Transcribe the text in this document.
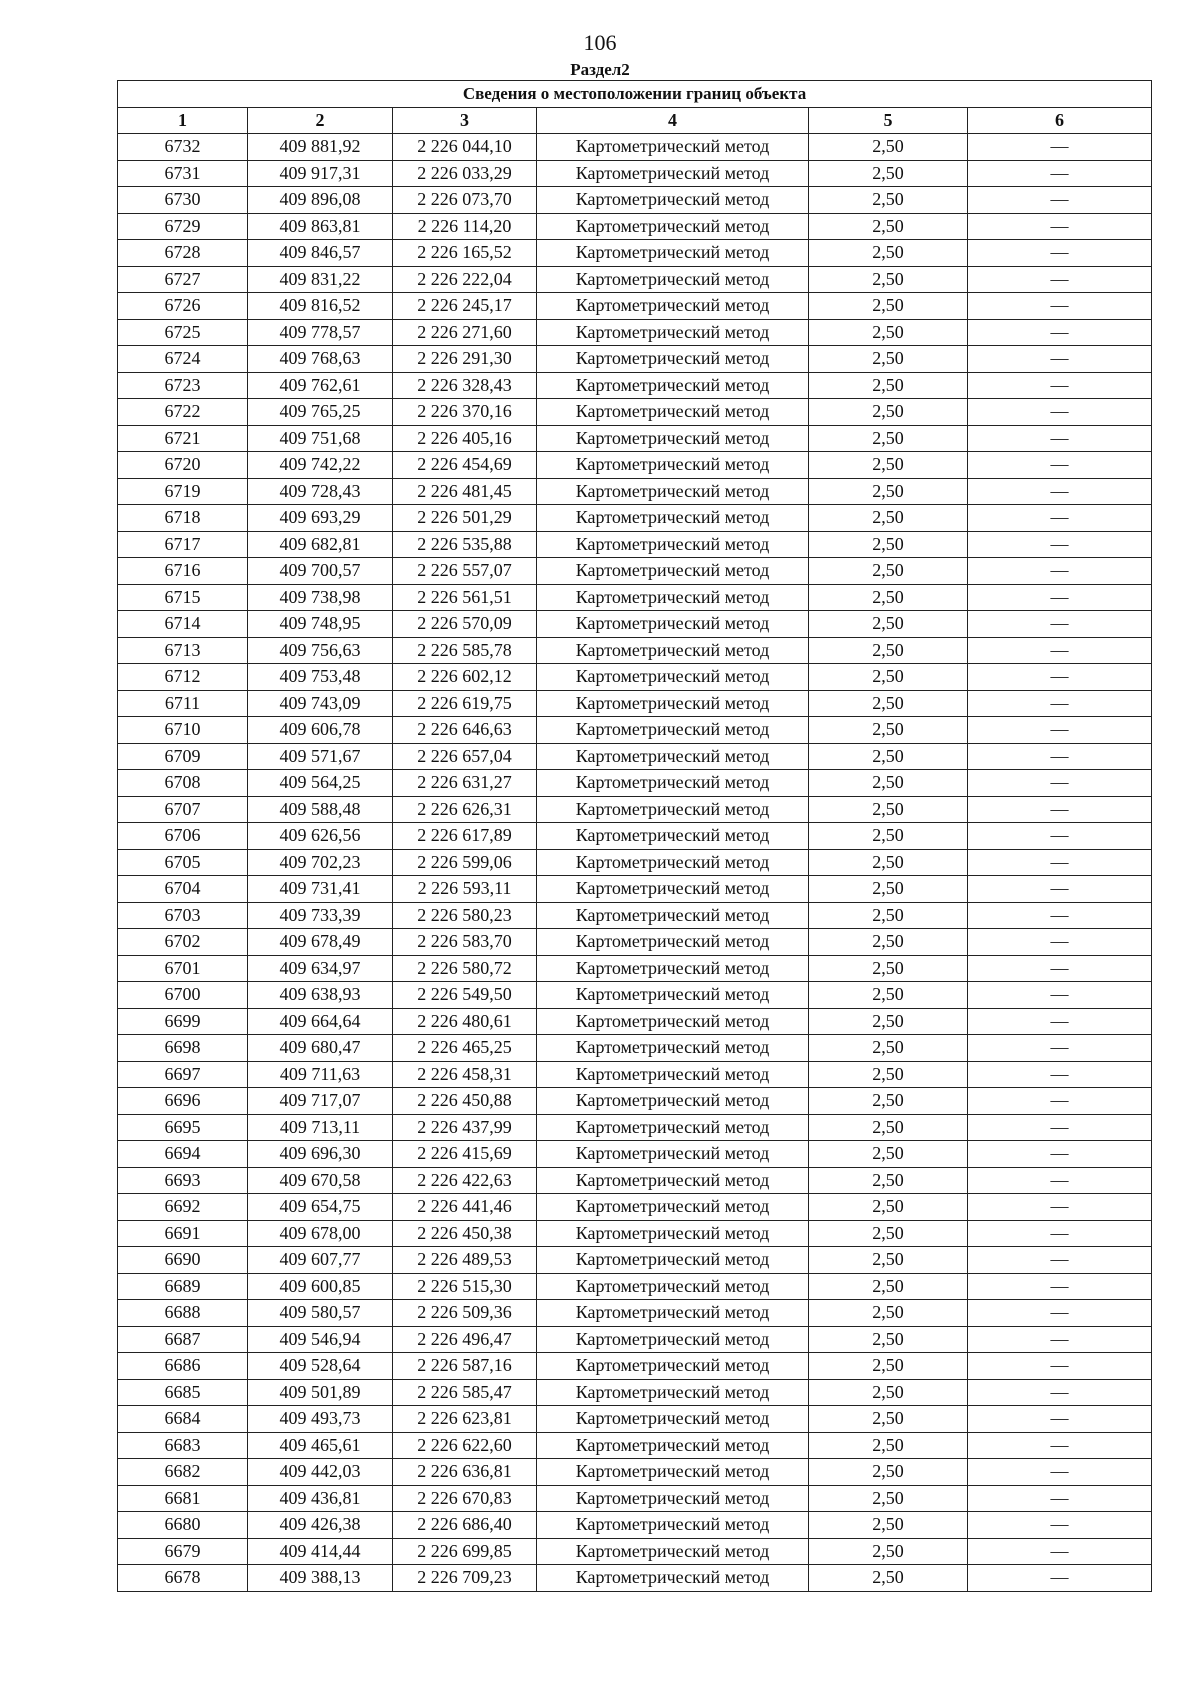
106
Раздел2
Сведения о местоположении границ объекта					
1	2	3	4	5	6
6732	409 881,92	2 226 044,10	Картометрический метод	2,50	—
6731	409 917,31	2 226 033,29	Картометрический метод	2,50	—
6730	409 896,08	2 226 073,70	Картометрический метод	2,50	—
6729	409 863,81	2 226 114,20	Картометрический метод	2,50	—
6728	409 846,57	2 226 165,52	Картометрический метод	2,50	—
6727	409 831,22	2 226 222,04	Картометрический метод	2,50	—
6726	409 816,52	2 226 245,17	Картометрический метод	2,50	—
6725	409 778,57	2 226 271,60	Картометрический метод	2,50	—
6724	409 768,63	2 226 291,30	Картометрический метод	2,50	—
6723	409 762,61	2 226 328,43	Картометрический метод	2,50	—
6722	409 765,25	2 226 370,16	Картометрический метод	2,50	—
6721	409 751,68	2 226 405,16	Картометрический метод	2,50	—
6720	409 742,22	2 226 454,69	Картометрический метод	2,50	—
6719	409 728,43	2 226 481,45	Картометрический метод	2,50	—
6718	409 693,29	2 226 501,29	Картометрический метод	2,50	—
6717	409 682,81	2 226 535,88	Картометрический метод	2,50	—
6716	409 700,57	2 226 557,07	Картометрический метод	2,50	—
6715	409 738,98	2 226 561,51	Картометрический метод	2,50	—
6714	409 748,95	2 226 570,09	Картометрический метод	2,50	—
6713	409 756,63	2 226 585,78	Картометрический метод	2,50	—
6712	409 753,48	2 226 602,12	Картометрический метод	2,50	—
6711	409 743,09	2 226 619,75	Картометрический метод	2,50	—
6710	409 606,78	2 226 646,63	Картометрический метод	2,50	—
6709	409 571,67	2 226 657,04	Картометрический метод	2,50	—
6708	409 564,25	2 226 631,27	Картометрический метод	2,50	—
6707	409 588,48	2 226 626,31	Картометрический метод	2,50	—
6706	409 626,56	2 226 617,89	Картометрический метод	2,50	—
6705	409 702,23	2 226 599,06	Картометрический метод	2,50	—
6704	409 731,41	2 226 593,11	Картометрический метод	2,50	—
6703	409 733,39	2 226 580,23	Картометрический метод	2,50	—
6702	409 678,49	2 226 583,70	Картометрический метод	2,50	—
6701	409 634,97	2 226 580,72	Картометрический метод	2,50	—
6700	409 638,93	2 226 549,50	Картометрический метод	2,50	—
6699	409 664,64	2 226 480,61	Картометрический метод	2,50	—
6698	409 680,47	2 226 465,25	Картометрический метод	2,50	—
6697	409 711,63	2 226 458,31	Картометрический метод	2,50	—
6696	409 717,07	2 226 450,88	Картометрический метод	2,50	—
6695	409 713,11	2 226 437,99	Картометрический метод	2,50	—
6694	409 696,30	2 226 415,69	Картометрический метод	2,50	—
6693	409 670,58	2 226 422,63	Картометрический метод	2,50	—
6692	409 654,75	2 226 441,46	Картометрический метод	2,50	—
6691	409 678,00	2 226 450,38	Картометрический метод	2,50	—
6690	409 607,77	2 226 489,53	Картометрический метод	2,50	—
6689	409 600,85	2 226 515,30	Картометрический метод	2,50	—
6688	409 580,57	2 226 509,36	Картометрический метод	2,50	—
6687	409 546,94	2 226 496,47	Картометрический метод	2,50	—
6686	409 528,64	2 226 587,16	Картометрический метод	2,50	—
6685	409 501,89	2 226 585,47	Картометрический метод	2,50	—
6684	409 493,73	2 226 623,81	Картометрический метод	2,50	—
6683	409 465,61	2 226 622,60	Картометрический метод	2,50	—
6682	409 442,03	2 226 636,81	Картометрический метод	2,50	—
6681	409 436,81	2 226 670,83	Картометрический метод	2,50	—
6680	409 426,38	2 226 686,40	Картометрический метод	2,50	—
6679	409 414,44	2 226 699,85	Картометрический метод	2,50	—
6678	409 388,13	2 226 709,23	Картометрический метод	2,50	—
